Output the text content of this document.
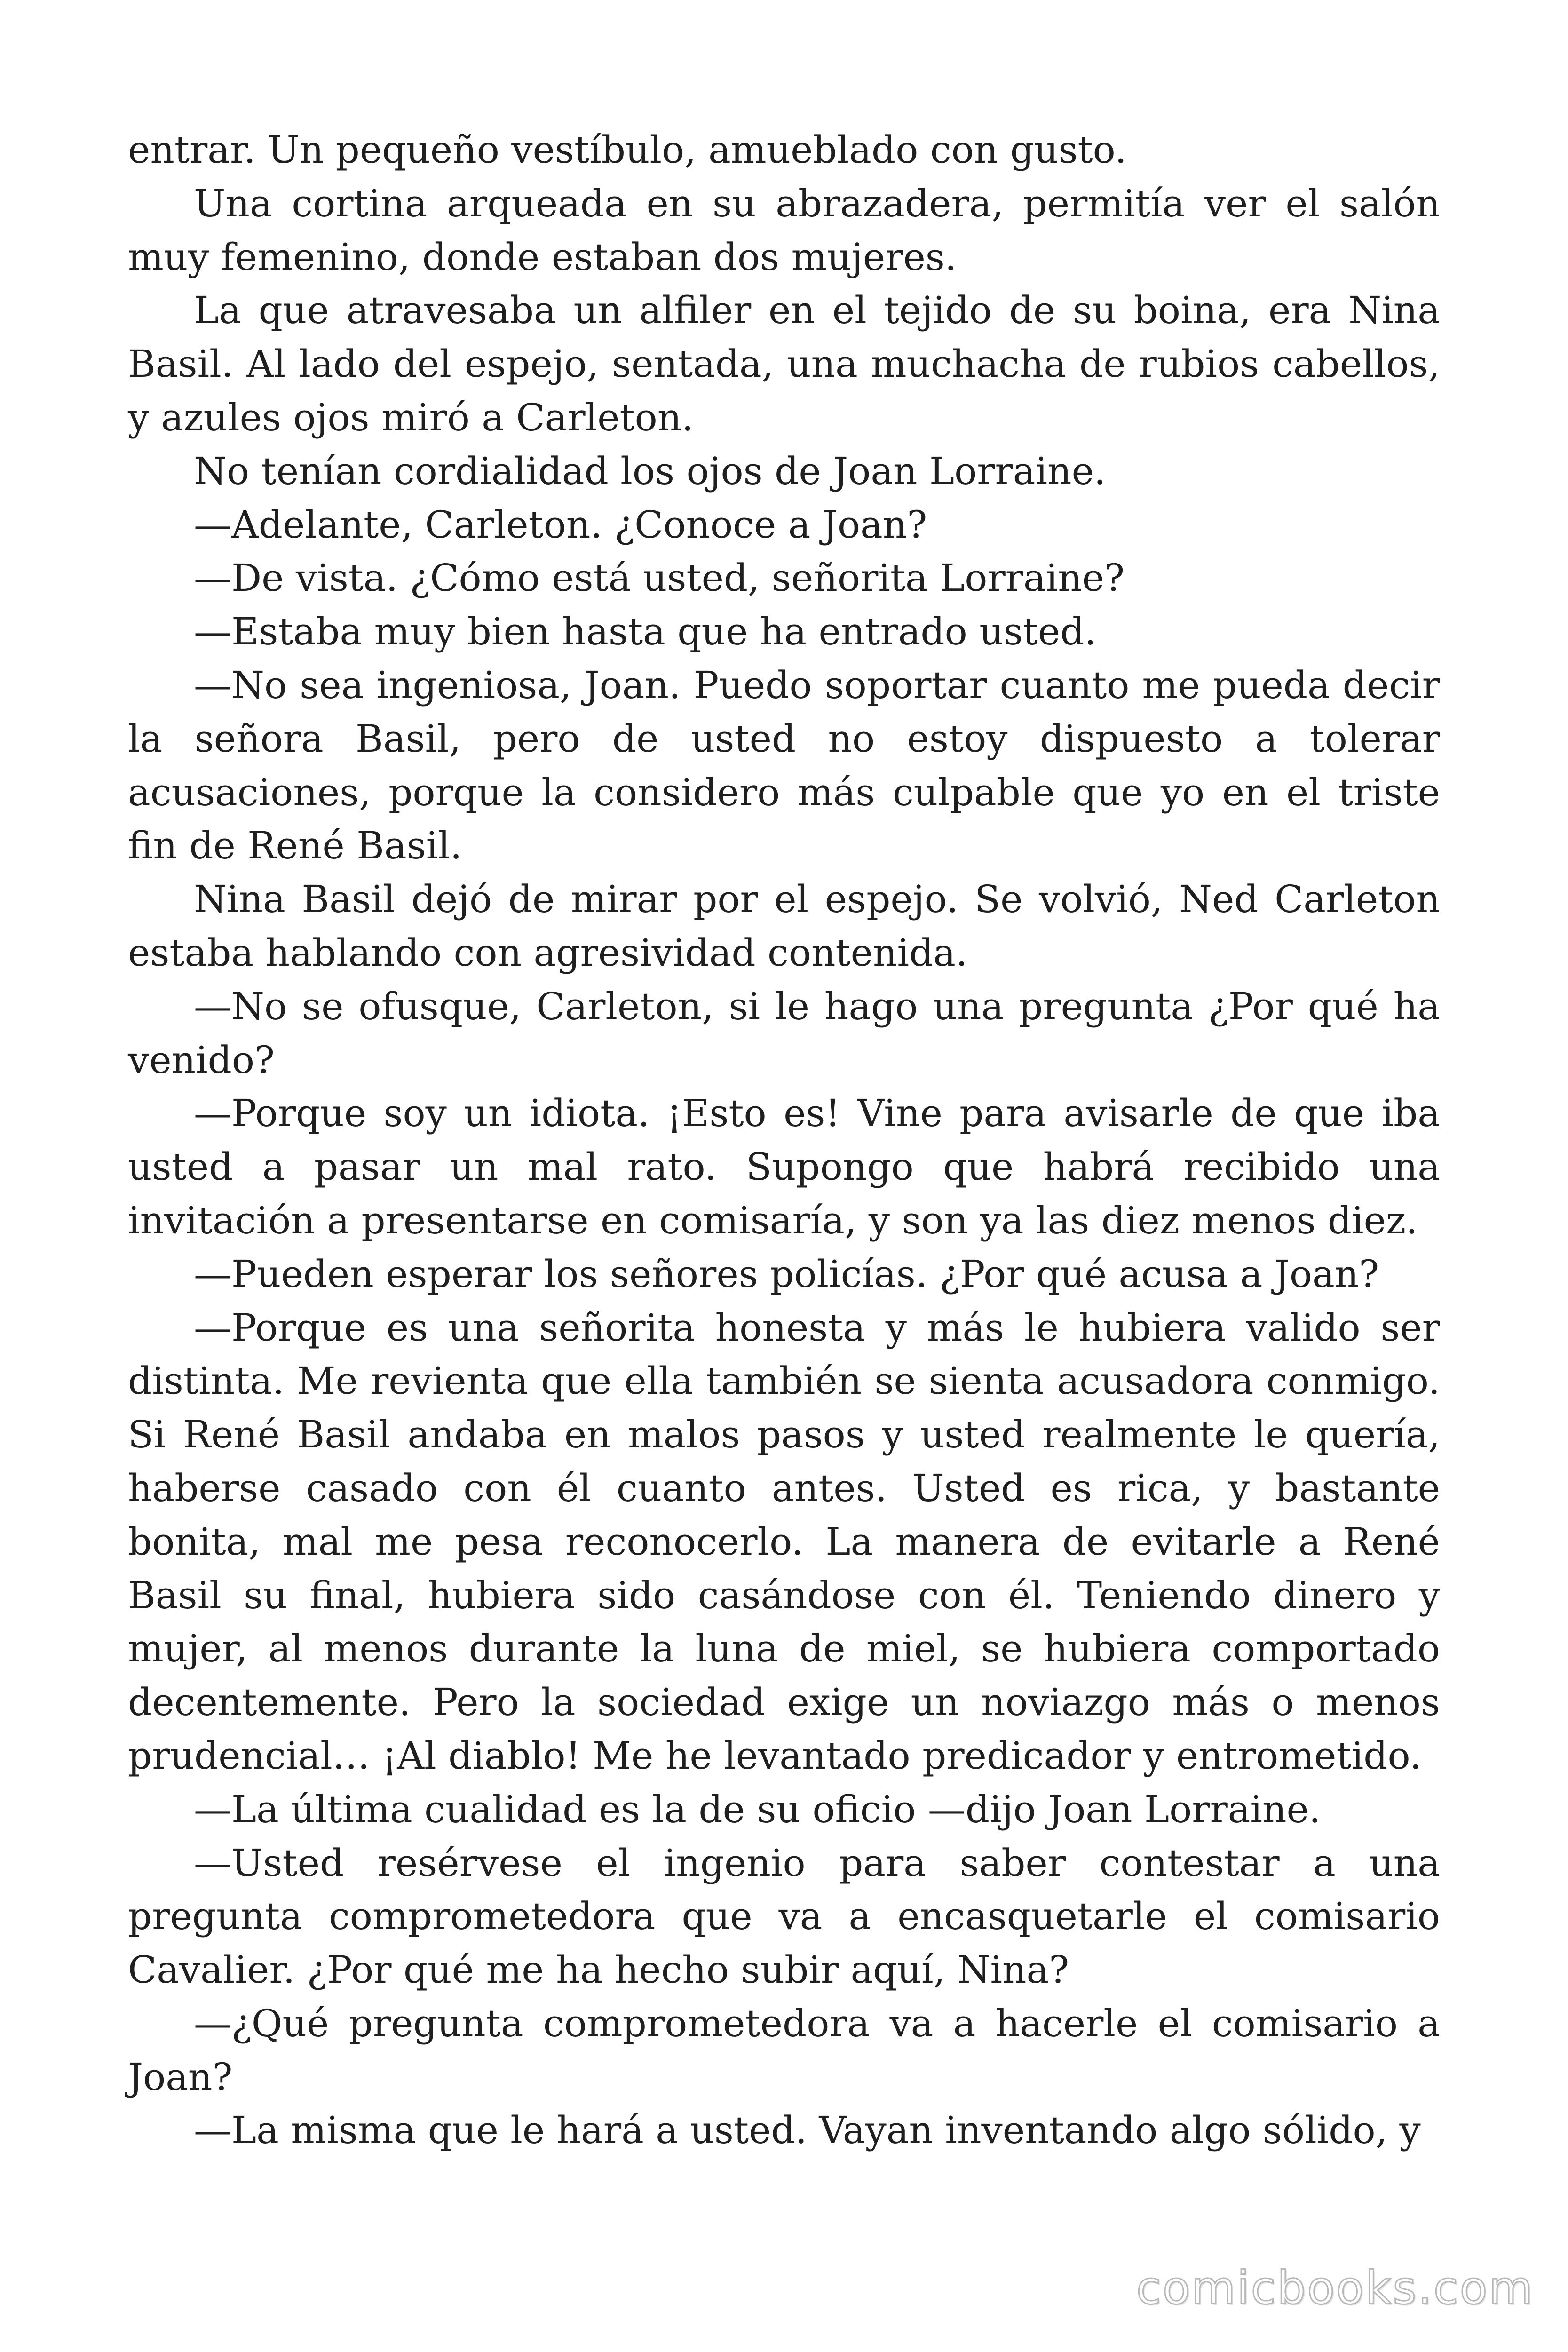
entrar. Un pequeño vestíbulo, amueblado con gusto.

Una cortina arqueada en su abrazadera, permitía ver el salón muy femenino, donde estaban dos mujeres.

La que atravesaba un alfiler en el tejido de su boina, era Nina Basil. Al lado del espejo, sentada, una muchacha de rubios cabellos, y azules ojos miró a Carleton.

No tenían cordialidad los ojos de Joan Lorraine.

—Adelante, Carleton. ¿Conoce a Joan?

—De vista. ¿Cómo está usted, señorita Lorraine?

—Estaba muy bien hasta que ha entrado usted.

—No sea ingeniosa, Joan. Puedo soportar cuanto me pueda decir la señora Basil, pero de usted no estoy dispuesto a tolerar acusaciones, porque la considero más culpable que yo en el triste fin de René Basil.

Nina Basil dejó de mirar por el espejo. Se volvió, Ned Carleton estaba hablando con agresividad contenida.

—No se ofusque, Carleton, si le hago una pregunta ¿Por qué ha venido?

—Porque soy un idiota. ¡Esto es! Vine para avisarle de que iba usted a pasar un mal rato. Supongo que habrá recibido una invitación a presentarse en comisaría, y son ya las diez menos diez.

—Pueden esperar los señores policías. ¿Por qué acusa a Joan?

—Porque es una señorita honesta y más le hubiera valido ser distinta. Me revienta que ella también se sienta acusadora conmigo. Si René Basil andaba en malos pasos y usted realmente le quería, haberse casado con él cuanto antes. Usted es rica, y bastante bonita, mal me pesa reconocerlo. La manera de evitarle a René Basil su final, hubiera sido casándose con él. Teniendo dinero y mujer, al menos durante la luna de miel, se hubiera comportado decentemente. Pero la sociedad exige un noviazgo más o menos prudencial… ¡Al diablo! Me he levantado predicador y entrometido.

—La última cualidad es la de su oficio —dijo Joan Lorraine.

—Usted resérvese el ingenio para saber contestar a una pregunta comprometedora que va a encasquetarle el comisario Cavalier. ¿Por qué me ha hecho subir aquí, Nina?

—¿Qué pregunta comprometedora va a hacerle el comisario a Joan?

—La misma que le hará a usted. Vayan inventando algo sólido, y

comicbooks.com
